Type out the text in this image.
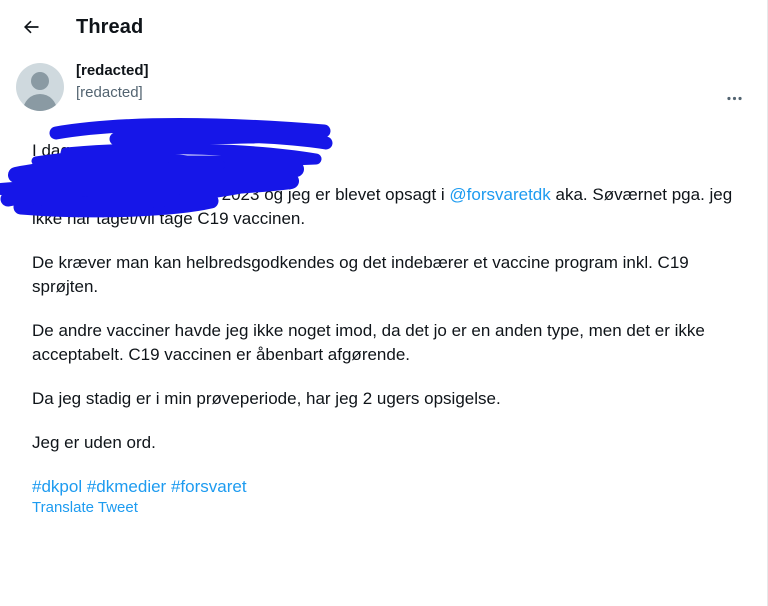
Thread
[redacted]
[redacted]

I dag:

Vi har i dag den 28. April 2023 og jeg er blevet opsagt i @forsvaretdk aka. Søværnet pga. jeg ikke har taget/vil tage C19 vaccinen.

De kræver man kan helbredsgodkendes og det indebærer et vaccine program inkl. C19 sprøjten.

De andre vacciner havde jeg ikke noget imod, da det jo er en anden type, men det er ikke acceptabelt. C19 vaccinen er åbenbart afgørende.

Da jeg stadig er i min prøveperiode, har jeg 2 ugers opsigelse.

Jeg er uden ord.

#dkpol #dkmedier #forsvaret

Translate Tweet
